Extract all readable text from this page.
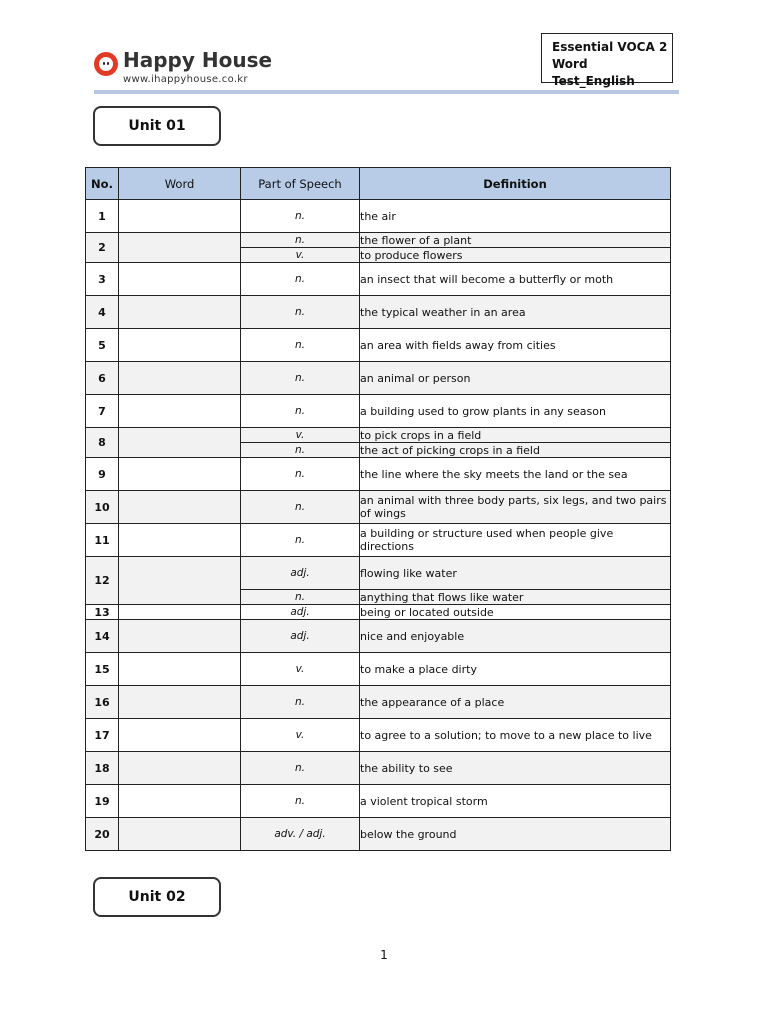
Happy House
www.ihappyhouse.co.kr
Essential VOCA 2
Word Test_English
Unit 01
No.	Word	Part of Speech	Definition
1		n.	the air
2		n.	the flower of a plant
		v.	to produce flowers
3		n.	an insect that will become a butterfly or moth
4		n.	the typical weather in an area
5		n.	an area with fields away from cities
6		n.	an animal or person
7		n.	a building used to grow plants in any season
8		v.	to pick crops in a field
		n.	the act of picking crops in a field
9		n.	the line where the sky meets the land or the sea
10		n.	an animal with three body parts, six legs, and two pairs of wings
11		n.	a building or structure used when people give directions
12		adj.	flowing like water
		n.	anything that flows like water
13		adj.	being or located outside
14		adj.	nice and enjoyable
15		v.	to make a place dirty
16		n.	the appearance of a place
17		v.	to agree to a solution; to move to a new place to live
18		n.	the ability to see
19		n.	a violent tropical storm
20		adv. / adj.	below the ground
Unit 02
1
